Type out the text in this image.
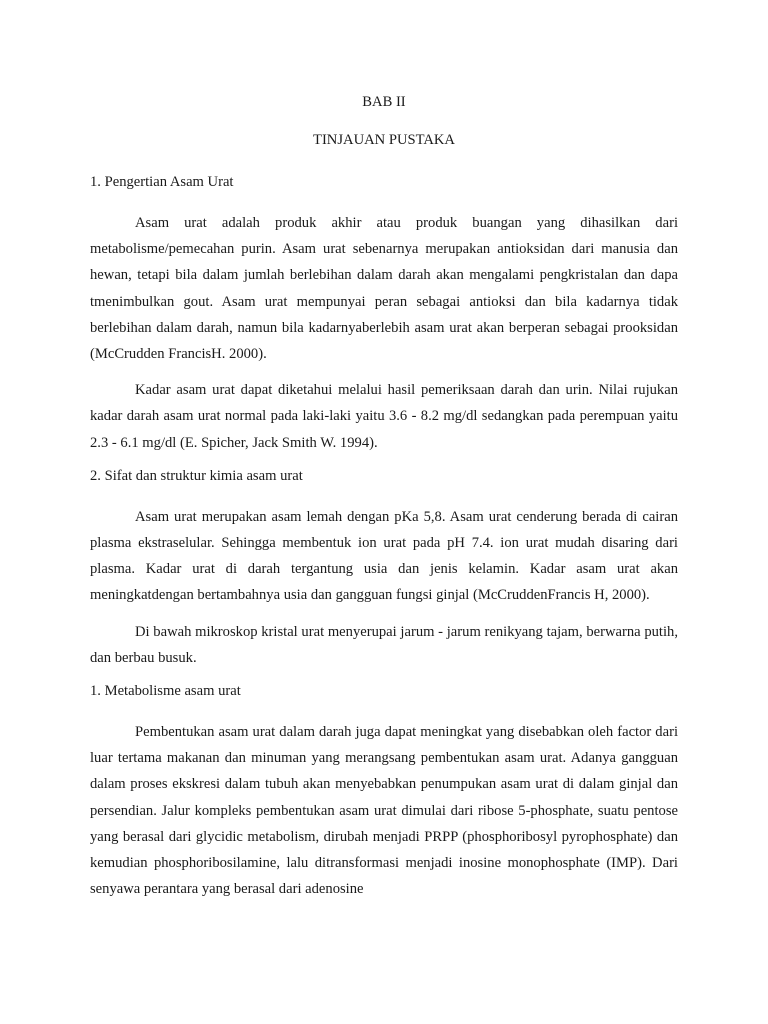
BAB II
TINJAUAN PUSTAKA
1. Pengertian Asam Urat

Asam urat adalah produk akhir atau produk buangan yang dihasilkan dari metabolisme/pemecahan purin. Asam urat sebenarnya merupakan antioksidan dari manusia dan hewan, tetapi bila dalam jumlah berlebihan dalam darah akan mengalami pengkristalan dan dapa tmenimbulkan gout. Asam urat mempunyai peran sebagai antioksi dan bila kadarnya tidak berlebihan dalam darah, namun bila kadarnyaberlebih asam urat akan berperan sebagai prooksidan (McCrudden FrancisH. 2000).

Kadar asam urat dapat diketahui melalui hasil pemeriksaan darah dan urin. Nilai rujukan kadar darah asam urat normal pada laki-laki yaitu 3.6 - 8.2 mg/dl sedangkan pada perempuan yaitu 2.3 - 6.1 mg/dl (E. Spicher, Jack Smith W. 1994).

2. Sifat dan struktur kimia asam urat

Asam urat merupakan asam lemah dengan pKa 5,8. Asam urat cenderung berada di cairan plasma ekstraselular. Sehingga membentuk ion urat pada pH 7.4. ion urat mudah disaring dari plasma. Kadar urat di darah tergantung usia dan jenis kelamin. Kadar asam urat akan meningkatdengan bertambahnya usia dan gangguan fungsi ginjal (McCruddenFrancis H, 2000).

Di bawah mikroskop kristal urat menyerupai jarum - jarum renikyang tajam, berwarna putih, dan berbau busuk.

1. Metabolisme asam urat

Pembentukan asam urat dalam darah juga dapat meningkat yang disebabkan oleh factor dari luar tertama makanan dan minuman yang merangsang pembentukan asam urat. Adanya gangguan dalam proses ekskresi dalam tubuh akan menyebabkan penumpukan asam urat di dalam ginjal dan persendian. Jalur kompleks pembentukan asam urat dimulai dari ribose 5-phosphate, suatu pentose yang berasal dari glycidic metabolism, dirubah menjadi PRPP (phosphoribosyl pyrophosphate) dan kemudian phosphoribosilamine, lalu ditransformasi menjadi inosine monophosphate (IMP). Dari senyawa perantara yang berasal dari adenosine
